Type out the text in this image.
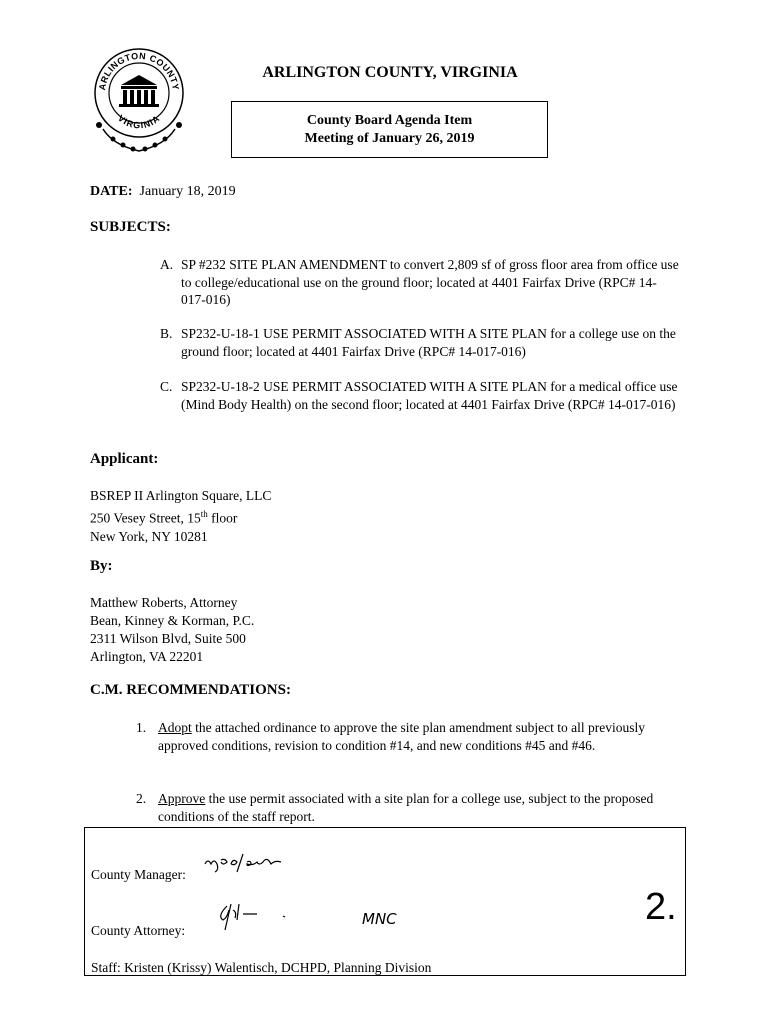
ARLINGTON COUNTY
VIRGINIA
ARLINGTON COUNTY, VIRGINIA
County Board Agenda Item
Meeting of January 26, 2019
DATE: January 18, 2019
SUBJECTS:
A. SP #232 SITE PLAN AMENDMENT to convert 2,809 sf of gross floor area from office use to college/educational use on the ground floor; located at 4401 Fairfax Drive (RPC# 14-017-016)
B. SP232-U-18-1 USE PERMIT ASSOCIATED WITH A SITE PLAN for a college use on the ground floor; located at 4401 Fairfax Drive (RPC# 14-017-016)
C. SP232-U-18-2 USE PERMIT ASSOCIATED WITH A SITE PLAN for a medical office use (Mind Body Health) on the second floor; located at 4401 Fairfax Drive (RPC# 14-017-016)
Applicant:
BSREP II Arlington Square, LLC
250 Vesey Street, 15th floor
New York, NY 10281
By:
Matthew Roberts, Attorney
Bean, Kinney & Korman, P.C.
2311 Wilson Blvd, Suite 500
Arlington, VA 22201
C.M. RECOMMENDATIONS:
1. Adopt the attached ordinance to approve the site plan amendment subject to all previously approved conditions, revision to condition #14, and new conditions #45 and #46.
2. Approve the use permit associated with a site plan for a college use, subject to the proposed conditions of the staff report.
County Manager:
County Attorney:
MNC	2.
Staff: Kristen (Krissy) Walentisch, DCHPD, Planning Division
